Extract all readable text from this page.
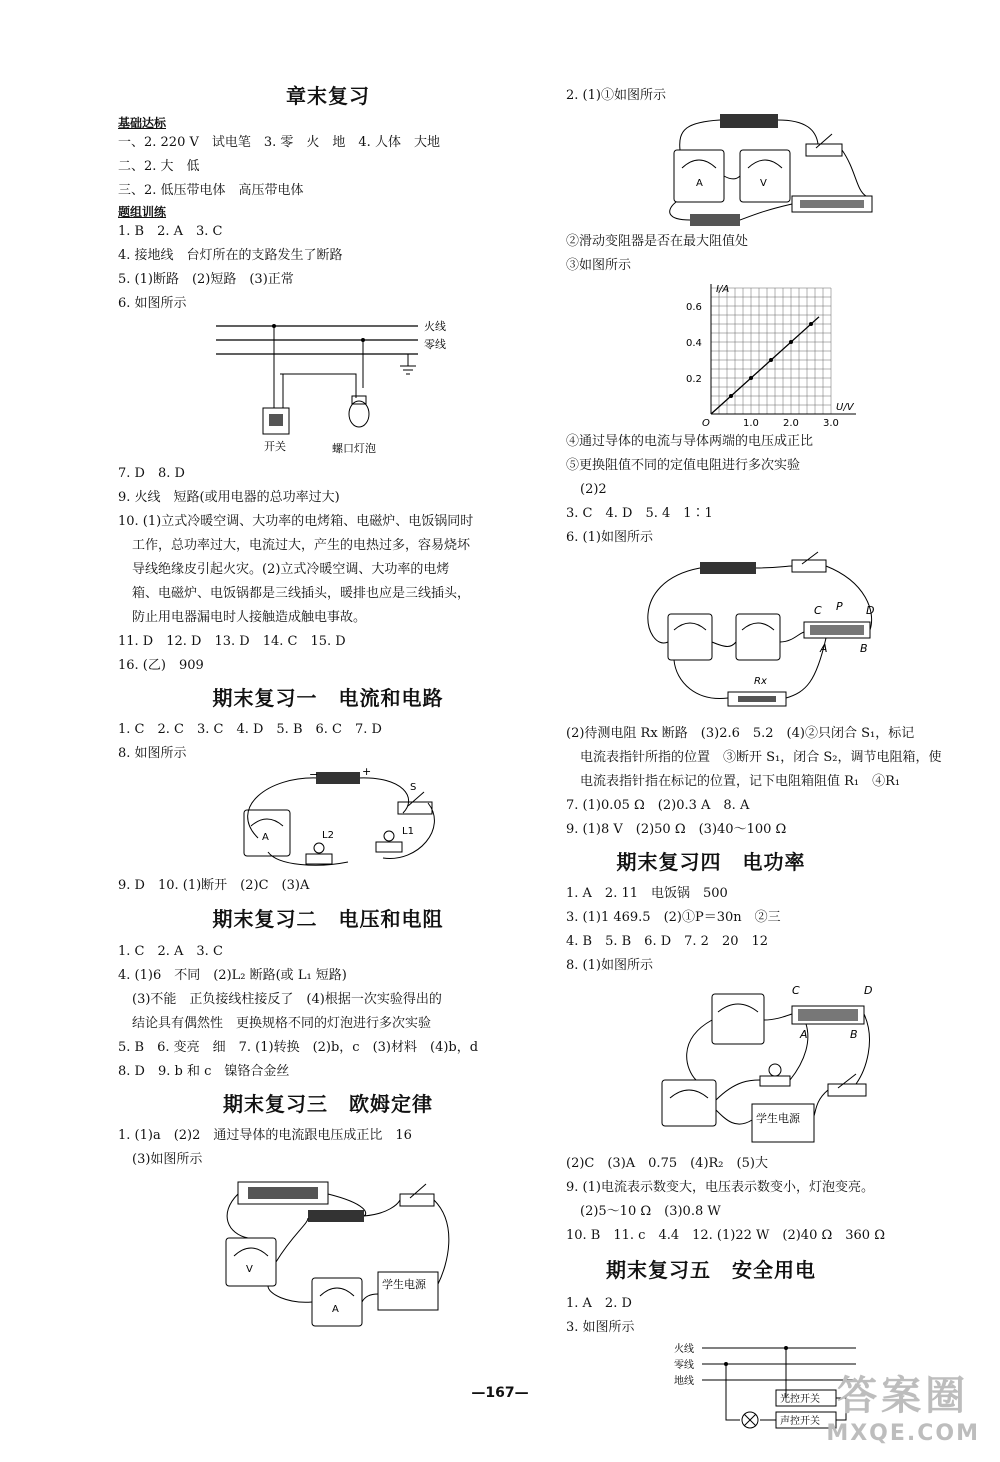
章末复习
基础达标
一、2. 220 V　试电笔　3. 零　火　地　4. 人体　大地
二、2. 大　低
三、2. 低压带电体　高压带电体
题组训练
1. B　2. A　3. C
4. 接地线　台灯所在的支路发生了断路
5. (1)断路　(2)短路　(3)正常
6. 如图所示
火线
零线
开关	螺口灯泡
7. D　8. D
9. 火线　短路(或用电器的总功率过大)
10. (1)立式冷暖空调、大功率的电烤箱、电磁炉、电饭锅同时
工作，总功率过大，电流过大，产生的电热过多，容易烧坏
导线绝缘皮引起火灾。(2)立式冷暖空调、大功率的电烤
箱、电磁炉、电饭锅都是三线插头，暖排也应是三线插头，
防止用电器漏电时人接触造成触电事故。
11. D　12. D　13. D　14. C　15. D
16. (乙)　909
期末复习一　电流和电路
1. C　2. C　3. C　4. D　5. B　6. C　7. D
8. 如图所示
−	+
A
S
L1
L2
9. D　10. (1)断开　(2)C　(3)A
期末复习二　电压和电阻
1. C　2. A　3. C
4. (1)6　不同　(2)L₂ 断路(或 L₁ 短路)
(3)不能　正负接线柱接反了　(4)根据一次实验得出的
结论具有偶然性　更换规格不同的灯泡进行多次实验
5. B　6. 变亮　细　7. (1)转换　(2)b，c　(3)材料　(4)b，d
8. D　9. b 和 c　镍铬合金丝
期末复习三　欧姆定律
1. (1)a　(2)2　通过导体的电流跟电压成正比　16
(3)如图所示
V
A
学生电源
2. (1)①如图所示
A	V
②滑动变阻器是否在最大阻值处
③如图所示
I/A
U/V
O
0.2
0.4
0.6
1.0 2.0 3.0
④通过导体的电流与导体两端的电压成正比
⑤更换阻值不同的定值电阻进行多次实验
(2)2
3. C　4. D　5. 4　1∶1
6. (1)如图所示
C P D
A	B
Rx
(2)待测电阻 Rx 断路　(3)2.6　5.2　(4)②只闭合 S₁，标记
电流表指针所指的位置　③断开 S₁，闭合 S₂，调节电阻箱，使
电流表指针指在标记的位置，记下电阻箱阻值 R₁　④R₁
7. (1)0.05 Ω　(2)0.3 A　8. A
9. (1)8 V　(2)50 Ω　(3)40～100 Ω
期末复习四　电功率
1. A　2. 11　电饭锅　500
3. (1)1 469.5　(2)①P＝30n　②三
4. B　5. B　6. D　7. 2　20　12
8. (1)如图所示
C	D
A	B
学生电源
(2)C　(3)A　0.75　(4)R₂　(5)大
9. (1)电流表示数变大，电压表示数变小，灯泡变亮。
(2)5～10 Ω　(3)0.8 W
10. B　11. c　4.4　12. (1)22 W　(2)40 Ω　360 Ω
期末复习五　安全用电
1. A　2. D
3. 如图所示
火线
零线
地线
光控开关
声控开关
—167—	答案圈
MXQE.COM
